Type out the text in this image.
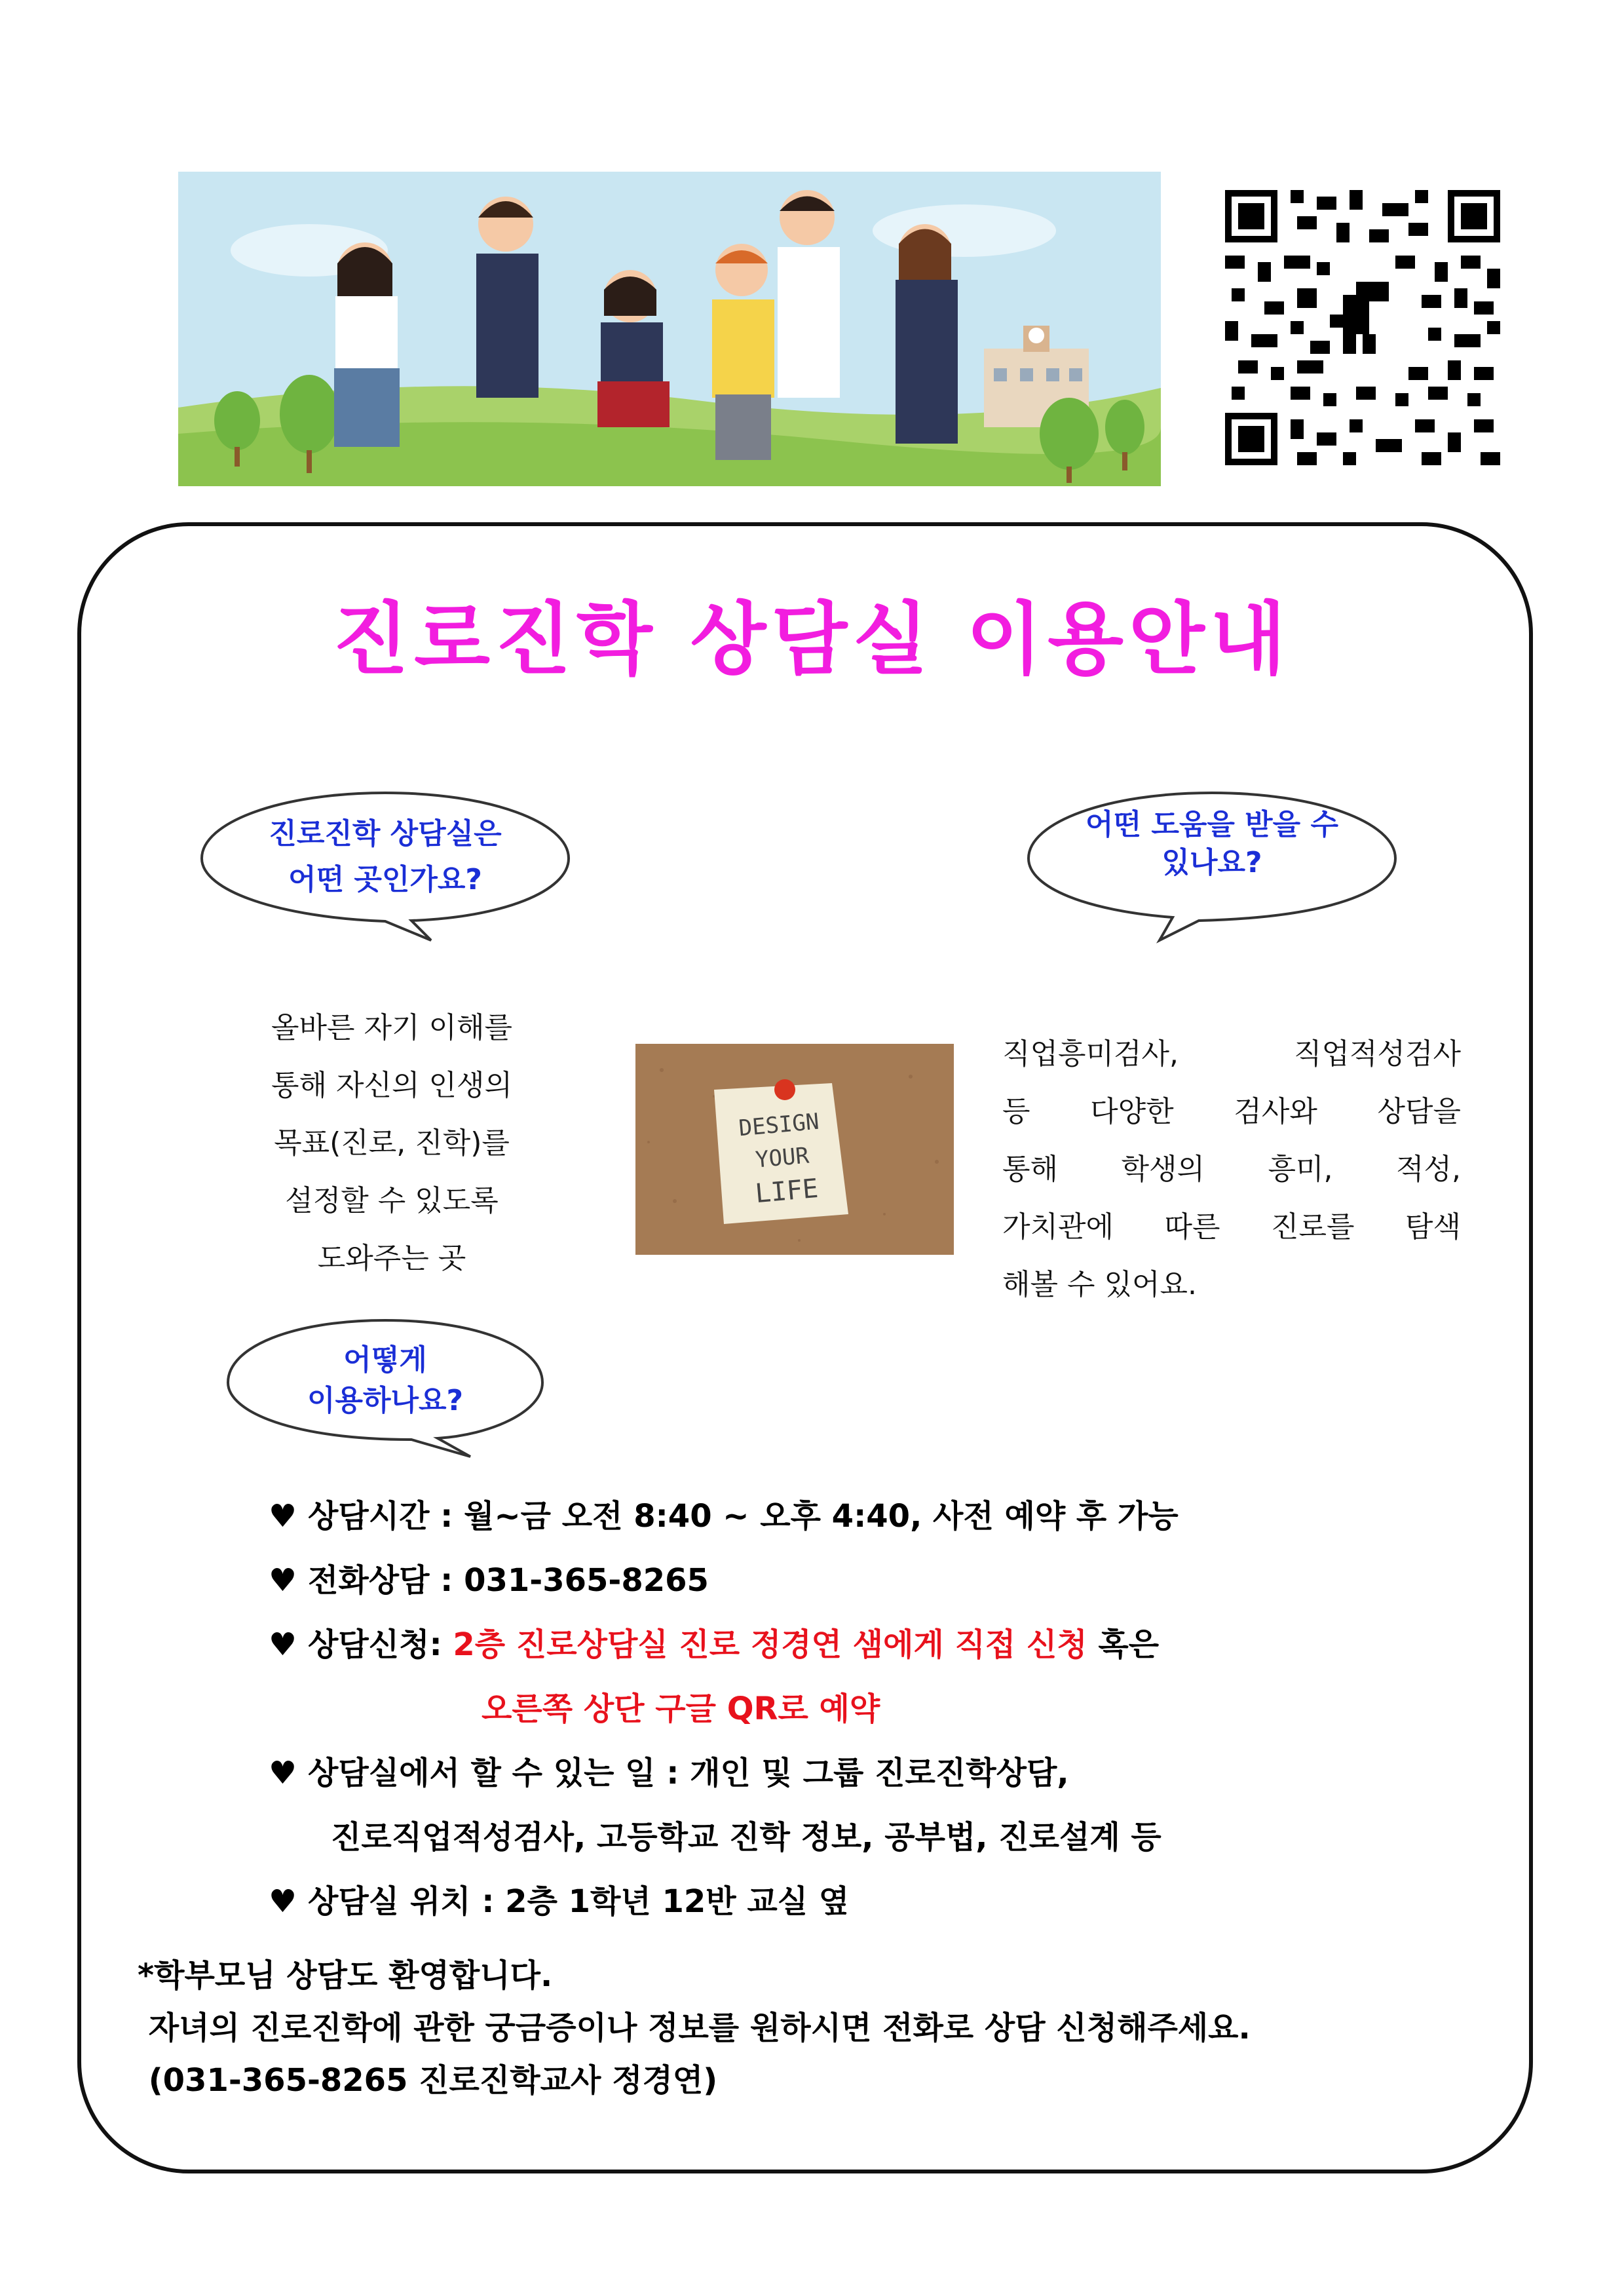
진로진학 상담실 이용안내
진로진학 상담실은
어떤 곳인가요?
어떤 도움을 받을 수
있나요?
어떻게
이용하나요?
올바른 자기 이해를
통해 자신의 인생의
목표(진로, 진학)를
설정할 수 있도록
도와주는 곳
DESIGN
YOUR
LIFE
직업흥미검사, 직업적성검사
등 다양한 검사와 상담을
통해 학생의 흥미, 적성,
가치관에 따른 진로를 탐색
해볼 수 있어요.
♥ 상담시간 : 월~금 오전 8:40 ~ 오후 4:40, 사전 예약 후 가능
♥ 전화상담 : 031-365-8265
♥ 상담신청: 2층 진로상담실 진로 정경연 샘에게 직접 신청 혹은
오른쪽 상단 구글 QR로 예약
♥ 상담실에서 할 수 있는 일 : 개인 및 그룹 진로진학상담,
진로직업적성검사, 고등학교 진학 정보, 공부법, 진로설계 등
♥ 상담실 위치 : 2층 1학년 12반 교실 옆
*학부모님 상담도 환영합니다.
자녀의 진로진학에 관한 궁금증이나 정보를 원하시면 전화로 상담 신청해주세요.
(031-365-8265 진로진학교사 정경연)
